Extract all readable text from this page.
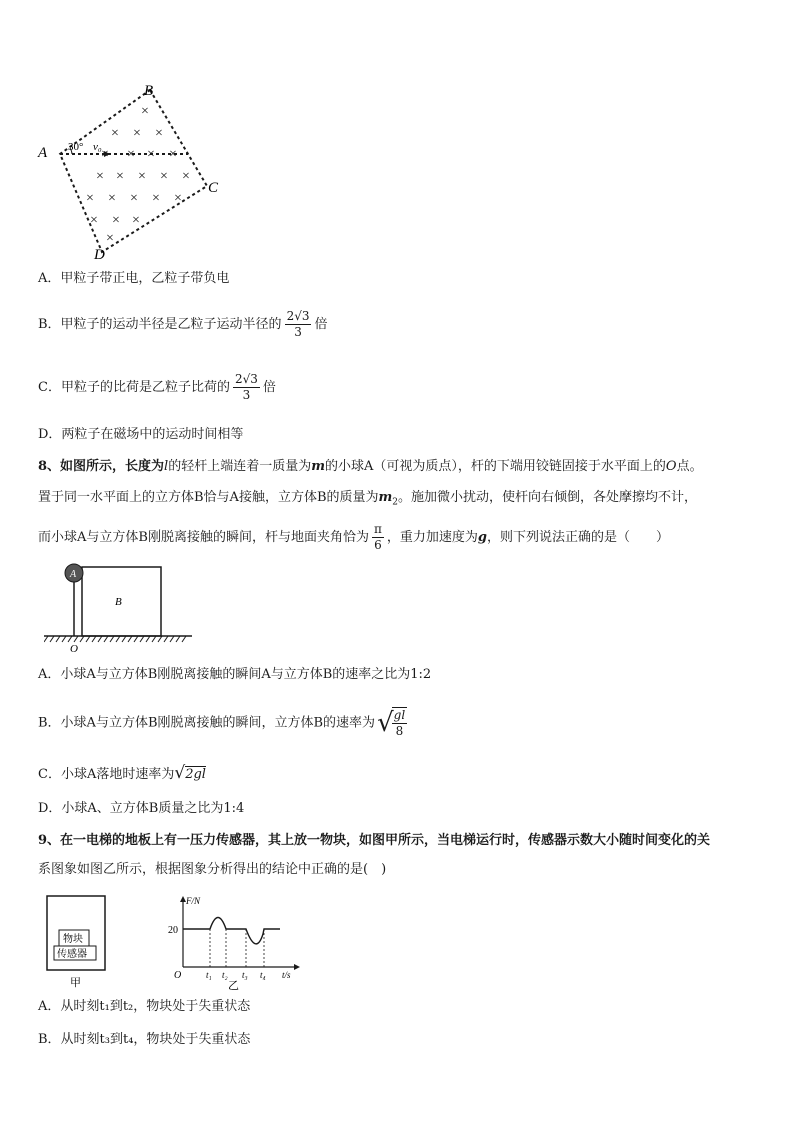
×
× × ×
× × × ×
× × × × ×
× × × × ×
× × ×
×
A
B
C
D
30° v₀
A．甲粒子带正电，乙粒子带负电
B．甲粒子的运动半径是乙粒子运动半径的 $\frac{2√3}{3}$ 倍
C．甲粒子的比荷是乙粒子比荷的 $\frac{2√3}{3}$ 倍
D．两粒子在磁场中的运动时间相等
8、如图所示，长度为l的轻杆上端连着一质量为m的小球A（可视为质点），杆的下端用铰链固接于水平面上的O点。
置于同一水平面上的立方体B恰与A接触，立方体B的质量为$m_2$。施加微小扰动，使杆向右倾倒，各处摩擦均不计，
而小球A与立方体B刚脱离接触的瞬间，杆与地面夹角恰为 $\frac{\pi}{6}$ ，重力加速度为g，则下列说法正确的是（　　）
A
B
O
A．小球A与立方体B刚脱离接触的瞬间A与立方体B的速率之比为1:2
B．小球A与立方体B刚脱离接触的瞬间，立方体B的速率为√
$\frac{gl}{8}$
C．小球A落地时速率为√2gl
D．小球A、立方体B质量之比为1:4
9、在一电梯的地板上有一压力传感器，其上放一物块，如图甲所示，当电梯运行时，传感器示数大小随时间变化的关
系图象如图乙所示，根据图象分析得出的结论中正确的是(　)
物块
传感器
甲
F/N
20
O	t₁ t₂ t₃ t₄ t/s
乙
A．从时刻t₁到t₂，物块处于失重状态
B．从时刻t₃到t₄，物块处于失重状态
